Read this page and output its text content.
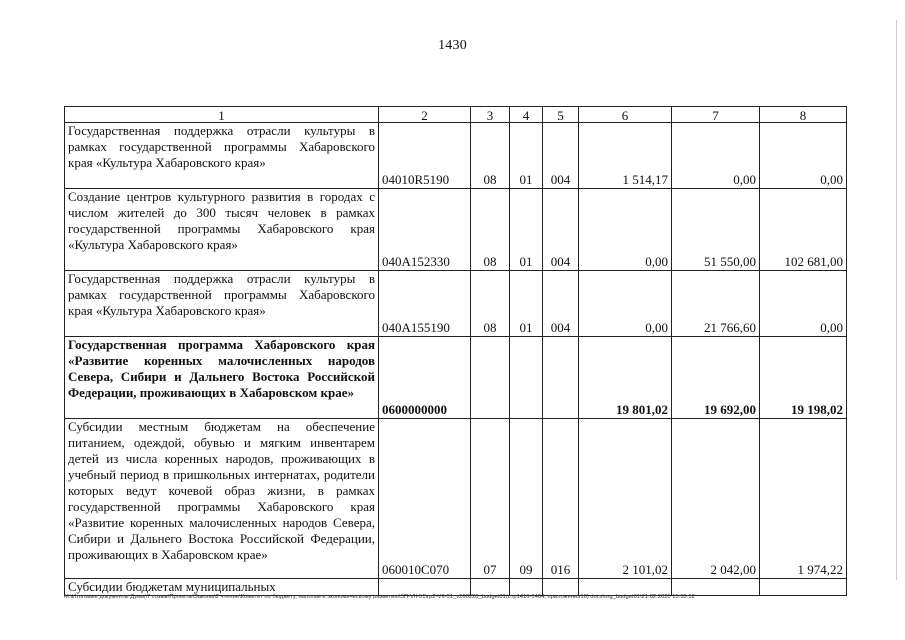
1430
1	2	3	4	5	6	7	8
Государственная поддержка отрасли культуры в рамках государственной программы Хабаровского края «Культура Хабаровского края»	04010R5190	08	01	004	1 514,17	0,00	0,00
Создание центров культурного развития в городах с числом жителей до 300 тысяч человек в рамках государственной программы Хабаровского края «Культура Хабаровского края»	040A152330	08	01	004	0,00	51 550,00	102 681,00
Государственная поддержка отрасли культуры в рамках государственной программы Хабаровского края «Культура Хабаровского края»	040A155190	08	01	004	0,00	21 766,60	0,00
Государственная программа Хабаровского края «Развитие коренных малочисленных народов Севера, Сибири и Дальнего Востока Российской Федерации, проживающих в Хабаровском крае»	0600000000				19 801,02	19 692,00	19 198,02
Субсидии местным бюджетам на обеспечение питанием, одеждой, обувью и мягким инвентарем детей из числа коренных народов, проживающих в учебный период в пришкольных интернатах, родители которых ведут кочевой образ жизни, в рамках государственной программы Хабаровского края «Развитие коренных малочисленных народов Севера, Сибири и Дальнего Востока Российской Федерации, проживающих в Хабаровском крае»	060010С070	07	09	016	2 101,02	2 042,00	1 974,22
Субсидии бюджетам муниципальных							
M:\Итоговые документы Думы\7 созыв\Проекты\Законы\2 чтение\Комитет по бюджету, налогам и экономическому развитию\ЗП-VII-51\гр2-VII-51_v260220_budget01(стр1416-1464, приложения16) docx\org_budget01\21.02.2020 15:55:12
